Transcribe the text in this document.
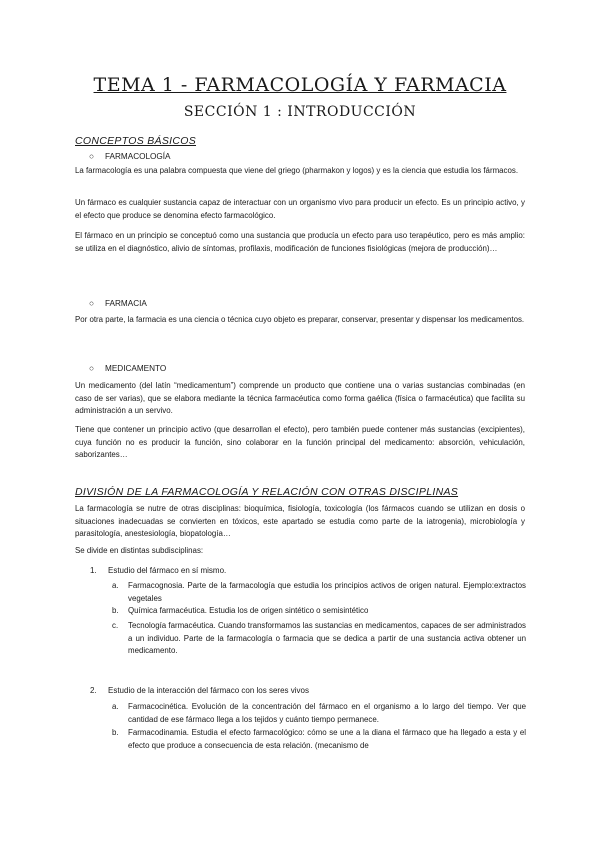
TEMA 1 - FARMACOLOGÍA Y FARMACIA
SECCIÓN 1 : INTRODUCCIÓN
CONCEPTOS BÁSICOS
○ FARMACOLOGÍA
La farmacología es una palabra compuesta que viene del griego (pharmakon y logos) y es la ciencia que estudia los fármacos.
Un fármaco es cualquier sustancia capaz de interactuar con un organismo vivo para producir un efecto. Es un principio activo, y el efecto que produce se denomina efecto farmacológico.
El fármaco en un principio se conceptuó como una sustancia que producía un efecto para uso terapéutico, pero es más amplio: se utiliza en el diagnóstico, alivio de síntomas, profilaxis, modificación de funciones fisiológicas (mejora de producción)…
○ FARMACIA
Por otra parte, la farmacia es una ciencia o técnica cuyo objeto es preparar, conservar, presentar y dispensar los medicamentos.
○ MEDICAMENTO
Un medicamento (del latín “medicamentum”) comprende un producto que contiene una o varias sustancias combinadas (en caso de ser varias), que se elabora mediante la técnica farmacéutica como forma gaélica (física o farmacéutica) que facilita su administración a un servivo.
Tiene que contener un principio activo (que desarrollan el efecto), pero también puede contener más sustancias (excipientes), cuya función no es producir la función, sino colaborar en la función principal del medicamento: absorción, vehiculación, saborizantes…
DIVISIÓN DE LA FARMACOLOGÍA Y RELACIÓN CON OTRAS DISCIPLINAS
La farmacología se nutre de otras disciplinas: bioquímica, fisiología, toxicología (los fármacos cuando se utilizan en dosis o situaciones inadecuadas se convierten en tóxicos, este apartado se estudia como parte de la iatrogenia), microbiología y parasitología, anestesiología, biopatología…
Se divide en distintas subdisciplinas:
1. Estudio del fármaco en sí mismo.
a. Farmacognosia. Parte de la farmacología que estudia los principios activos de origen natural. Ejemplo:extractos vegetales
b. Química farmacéutica. Estudia los de origen sintético o semisintético
c. Tecnología farmacéutica. Cuando transformamos las sustancias en medicamentos, capaces de ser administrados a un individuo. Parte de la farmacología o farmacia que se dedica a partir de una sustancia activa obtener un medicamento.
2. Estudio de la interacción del fármaco con los seres vivos
a. Farmacocinética. Evolución de la concentración del fármaco en el organismo a lo largo del tiempo. Ver que cantidad de ese fármaco llega a los tejidos y cuánto tiempo permanece.
b. Farmacodinamia. Estudia el efecto farmacológico: cómo se une a la diana el fármaco que ha llegado a esta y el efecto que produce a consecuencia de esta relación. (mecanismo de
